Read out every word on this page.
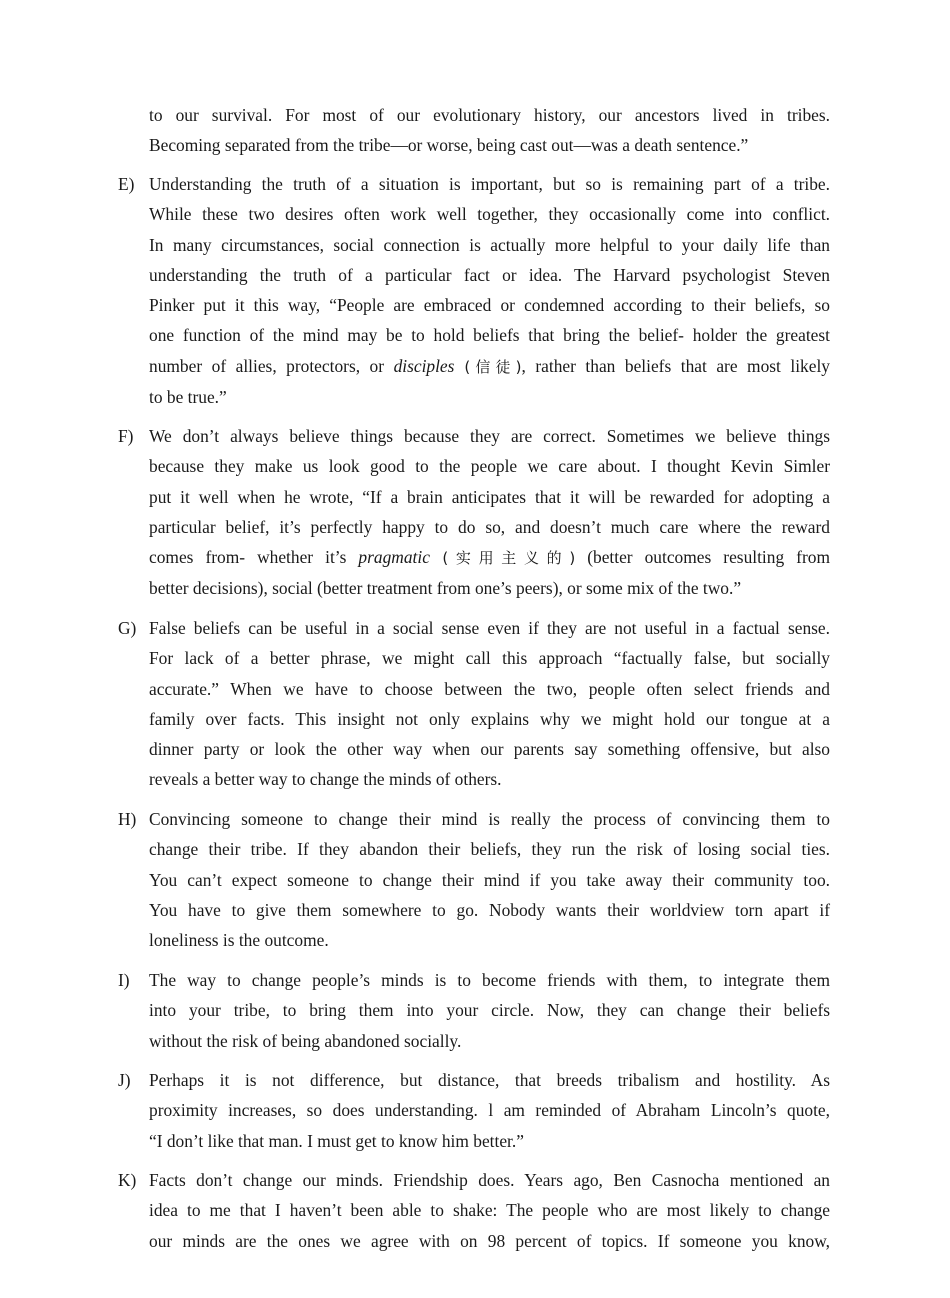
to our survival. For most of our evolutionary history, our ancestors lived in tribes.
Becoming separated from the tribe—or worse, being cast out—was a death sentence.”
E) Understanding the truth of a situation is important, but so is remaining part of a tribe.
While these two desires often work well together, they occasionally come into conflict.
In many circumstances, social connection is actually more helpful to your daily life than
understanding the truth of a particular fact or idea. The Harvard psychologist Steven
Pinker put it this way, “People are embraced or condemned according to their beliefs, so
one function of the mind may be to hold beliefs that bring the belief- holder the greatest
number of allies, protectors, or disciples (信徒), rather than beliefs that are most likely
to be true.”
F) We don’t always believe things because they are correct. Sometimes we believe things
because they make us look good to the people we care about. I thought Kevin Simler
put it well when he wrote, “If a brain anticipates that it will be rewarded for adopting a
particular belief, it’s perfectly happy to do so, and doesn’t much care where the reward
comes from- whether it’s pragmatic (实用主义的) (better outcomes resulting from
better decisions), social (better treatment from one’s peers), or some mix of the two.”
G) False beliefs can be useful in a social sense even if they are not useful in a factual sense.
For lack of a better phrase, we might call this approach “factually false, but socially
accurate.” When we have to choose between the two, people often select friends and
family over facts. This insight not only explains why we might hold our tongue at a
dinner party or look the other way when our parents say something offensive, but also
reveals a better way to change the minds of others.
H) Convincing someone to change their mind is really the process of convincing them to
change their tribe. If they abandon their beliefs, they run the risk of losing social ties.
You can’t expect someone to change their mind if you take away their community too.
You have to give them somewhere to go. Nobody wants their worldview torn apart if
loneliness is the outcome.
I)	The way to change people’s minds is to become friends with them, to integrate them
into your tribe, to bring them into your circle. Now, they can change their beliefs
without the risk of being abandoned socially.
J)	Perhaps it is not difference, but distance, that breeds tribalism and hostility. As
proximity increases, so does understanding. l am reminded of Abraham Lincoln’s quote,
“I don’t like that man. I must get to know him better.”
K) Facts don’t change our minds. Friendship does. Years ago, Ben Casnocha mentioned an
idea to me that I haven’t been able to shake: The people who are most likely to change
our minds are the ones we agree with on 98 percent of topics. If someone you know,
